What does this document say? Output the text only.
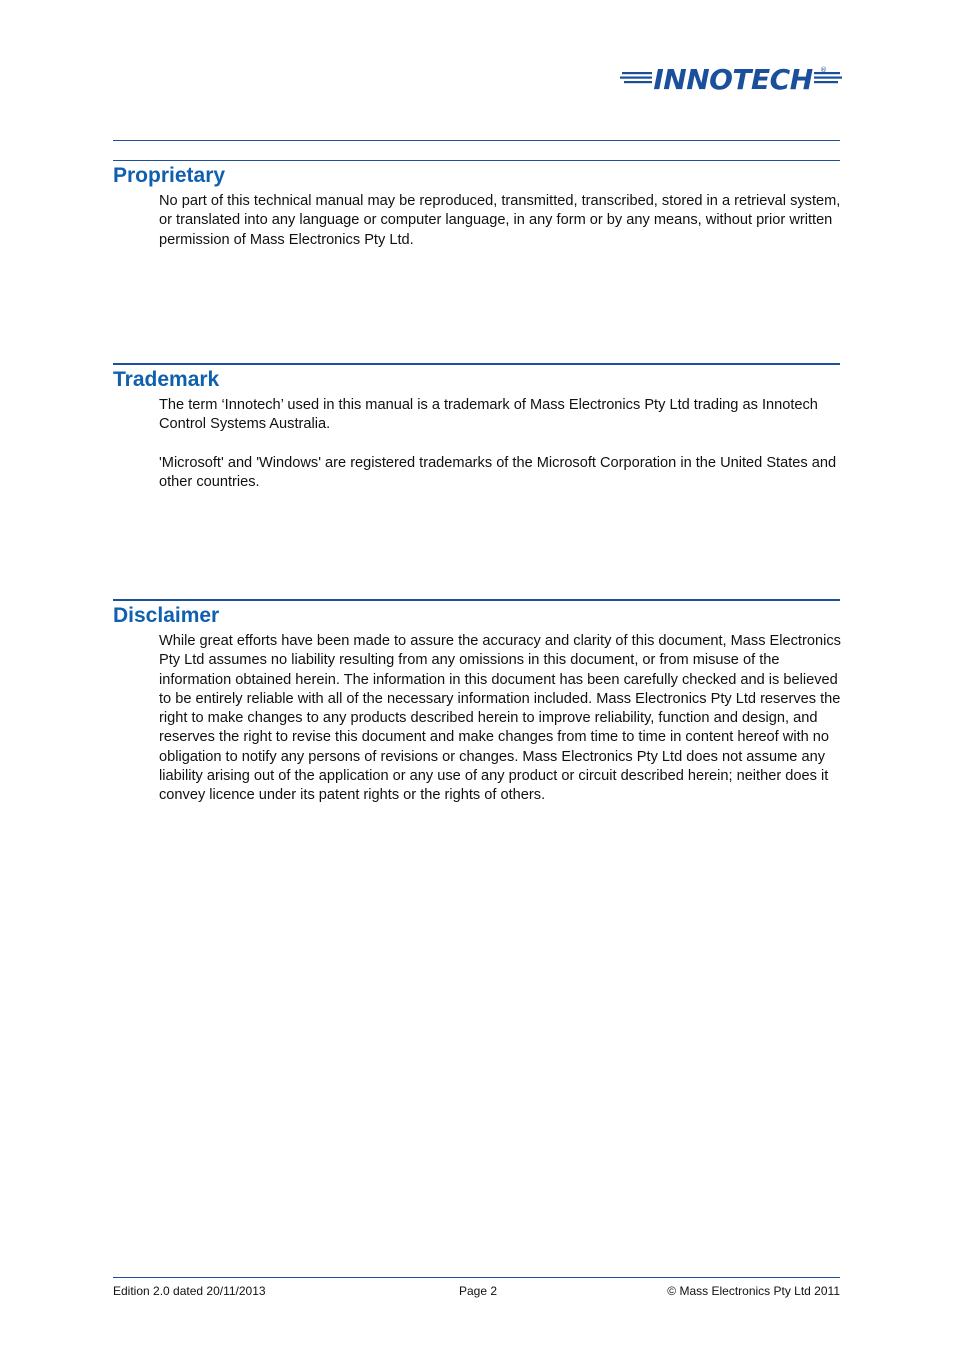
INNOTECH ®
Proprietary

No part of this technical manual may be reproduced, transmitted, transcribed, stored in a retrieval system, or translated into any language or computer language, in any form or by any means, without prior written permission of Mass Electronics Pty Ltd.

Trademark

The term ‘Innotech’ used in this manual is a trademark of Mass Electronics Pty Ltd trading as Innotech Control Systems Australia.

'Microsoft' and 'Windows' are registered trademarks of the Microsoft Corporation in the United States and other countries.

Disclaimer

While great efforts have been made to assure the accuracy and clarity of this document, Mass Electronics Pty Ltd assumes no liability resulting from any omissions in this document, or from misuse of the information obtained herein. The information in this document has been carefully checked and is believed to be entirely reliable with all of the necessary information included. Mass Electronics Pty Ltd reserves the right to make changes to any products described herein to improve reliability, function and design, and reserves the right to revise this document and make changes from time to time in content hereof with no obligation to notify any persons of revisions or changes. Mass Electronics Pty Ltd does not assume any liability arising out of the application or any use of any product or circuit described herein; neither does it convey licence under its patent rights or the rights of others.

Edition 2.0 dated 20/11/2013	Page 2	© Mass Electronics Pty Ltd 2011
